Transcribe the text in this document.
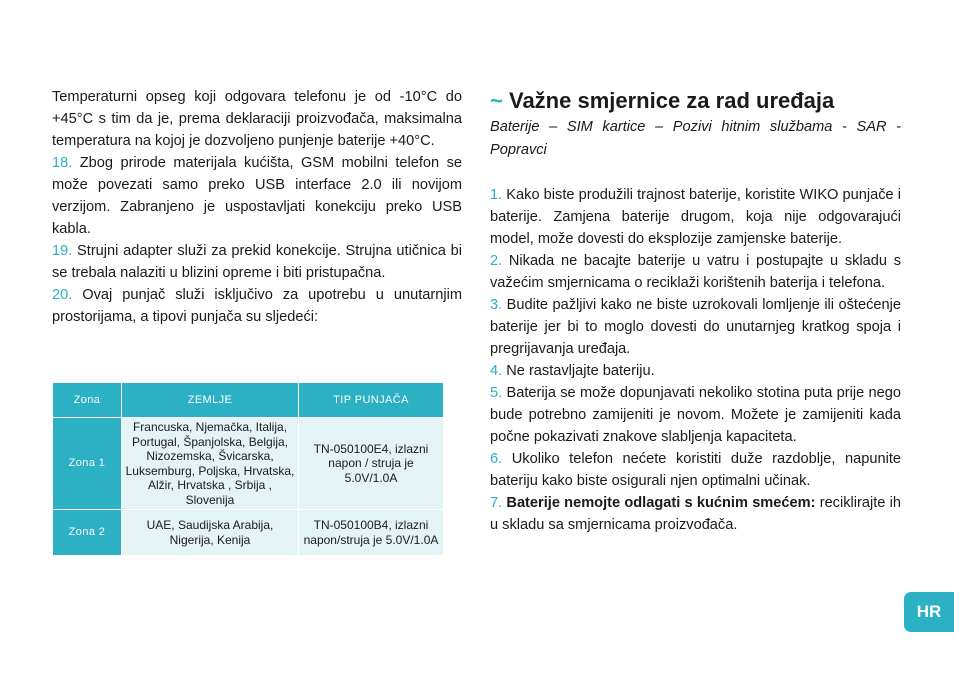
Temperaturni opseg koji odgovara telefonu je od -10°C do +45°C s tim da je, prema deklaraciji proizvođača, maksimalna temperatura na kojoj je dozvoljeno punjenje baterije +40°C.

18. Zbog prirode materijala kućišta, GSM mobilni telefon se može povezati samo preko USB interface 2.0 ili novijom verzijom. Zabranjeno je uspostavljati konekciju preko USB kabla.

19. Strujni adapter služi za prekid konekcije. Strujna utičnica bi se trebala nalaziti u blizini opreme i biti pristupačna.

20. Ovaj punjač služi isključivo za upotrebu u unutarnjim prostorijama, a tipovi punjača su sljedeći:

Zona	ZEMLJE	TIP PUNJAČA
Zona 1	Francuska, Njemačka, Italija, Portugal, Španjolska, Belgija, Nizozemska, Švicarska, Luksemburg, Poljska, Hrvatska, Alžir, Hrvatska , Srbija , Slovenija	TN-050100E4, izlazni napon / struja je 5.0V/1.0A
Zona 2	UAE, Saudijska Arabija, Nigerija, Kenija	TN-050100B4, izlazni napon/struja je 5.0V/1.0A
~ Važne smjernice za rad uređaja

Baterije – SIM kartice – Pozivi hitnim službama - SAR - Popravci

1. Kako biste produžili trajnost baterije, koristite WIKO punjače i baterije. Zamjena baterije drugom, koja nije odgovarajući model, može dovesti do eksplozije zamjenske baterije.

2. Nikada ne bacajte baterije u vatru i postupajte u skladu s važećim smjernicama o reciklaži korištenih baterija i telefona.

3. Budite pažljivi kako ne biste uzrokovali lomljenje ili oštećenje baterije jer bi to moglo dovesti do unutarnjeg kratkog spoja i pregrijavanja uređaja.

4. Ne rastavljajte bateriju.

5. Baterija se može dopunjavati nekoliko stotina puta prije nego bude potrebno zamijeniti je novom. Možete je zamijeniti kada počne pokazivati znakove slabljenja kapaciteta.

6. Ukoliko telefon nećete koristiti duže razdoblje, napunite bateriju kako biste osigurali njen optimalni učinak.

7. Baterije nemojte odlagati s kućnim smećem: reciklirajte ih u skladu sa smjernicama proizvođača.

HR
